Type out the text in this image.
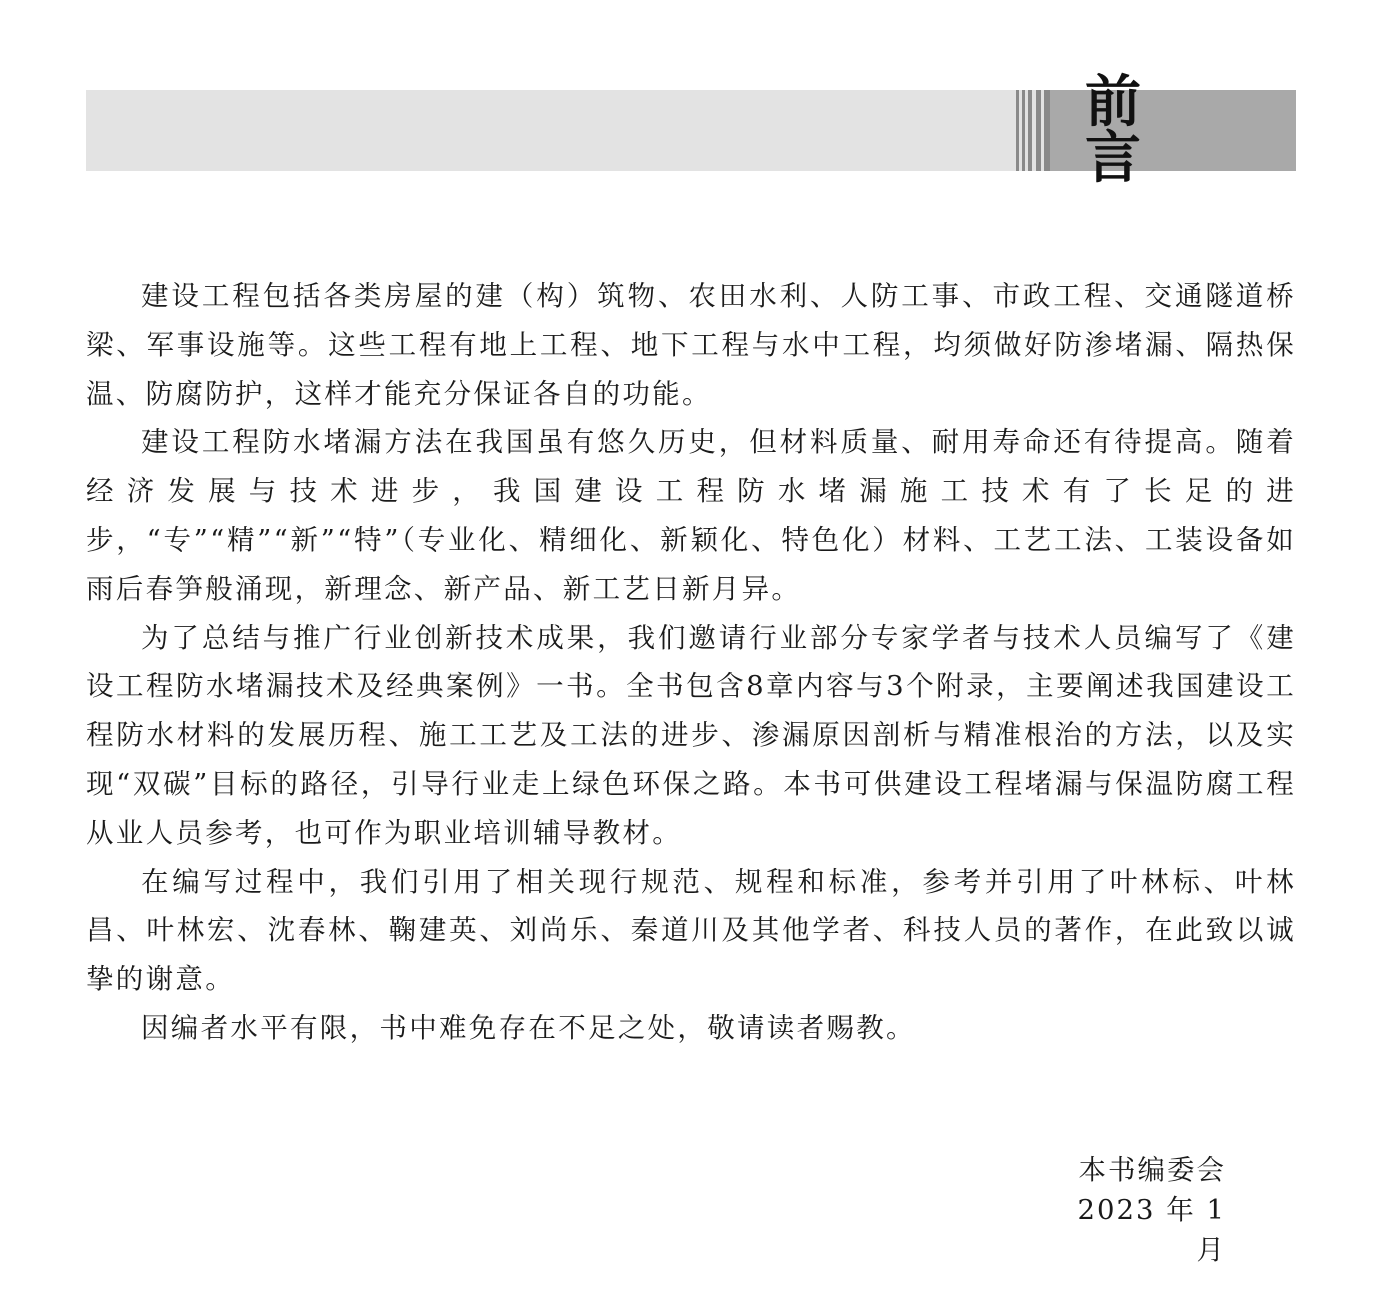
前　言

建设工程包括各类房屋的建（构）筑物、农田水利、人防工事、市政工程、交通隧道桥梁、军事设施等。这些工程有地上工程、地下工程与水中工程，均须做好防渗堵漏、隔热保温、防腐防护，这样才能充分保证各自的功能。

建设工程防水堵漏方法在我国虽有悠久历史，但材料质量、耐用寿命还有待提高。随着经济发展与技术进步，我国建设工程防水堵漏施工技术有了长足的进步，“专”“精”“新”“特”（专业化、精细化、新颖化、特色化）材料、工艺工法、工装设备如雨后春笋般涌现，新理念、新产品、新工艺日新月异。

为了总结与推广行业创新技术成果，我们邀请行业部分专家学者与技术人员编写了《建设工程防水堵漏技术及经典案例》一书。全书包含8章内容与3个附录，主要阐述我国建设工程防水材料的发展历程、施工工艺及工法的进步、渗漏原因剖析与精准根治的方法，以及实现“双碳”目标的路径，引导行业走上绿色环保之路。本书可供建设工程堵漏与保温防腐工程从业人员参考，也可作为职业培训辅导教材。

在编写过程中，我们引用了相关现行规范、规程和标准，参考并引用了叶林标、叶林昌、叶林宏、沈春林、鞠建英、刘尚乐、秦道川及其他学者、科技人员的著作，在此致以诚挚的谢意。

因编者水平有限，书中难免存在不足之处，敬请读者赐教。

本书编委会
2023 年 1 月
